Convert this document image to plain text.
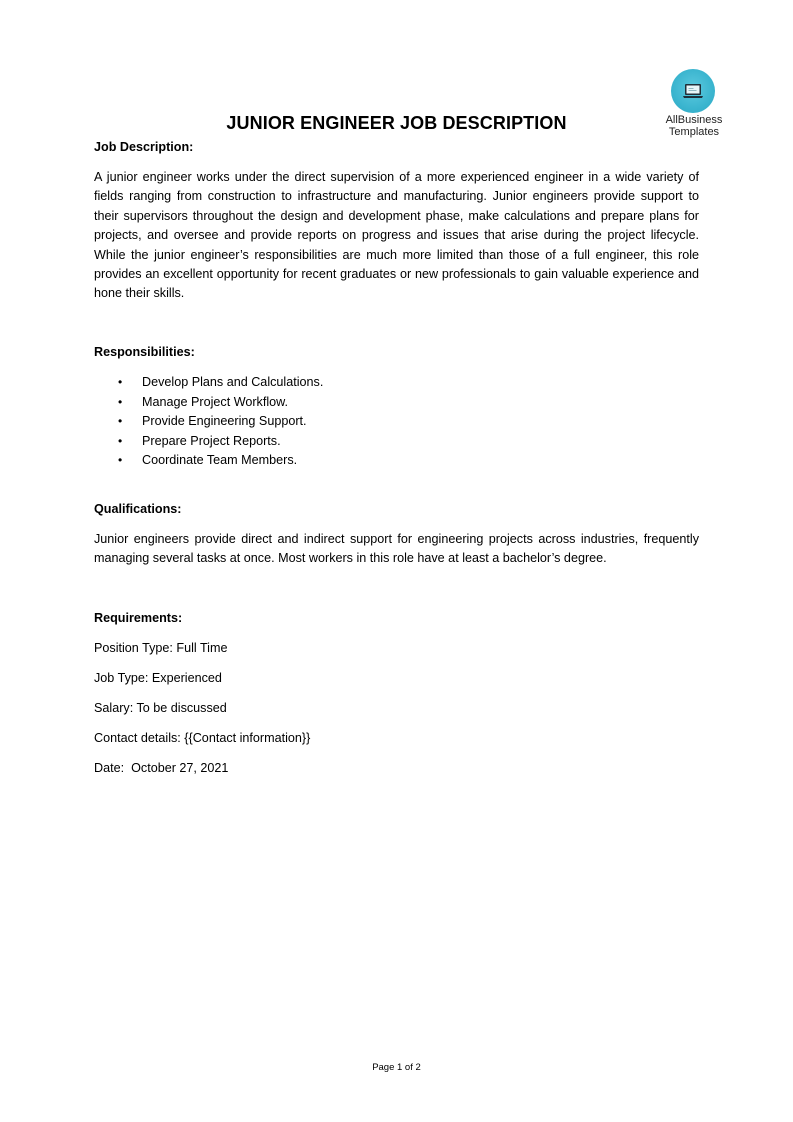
AllBusiness
Templates
JUNIOR ENGINEER JOB DESCRIPTION
Job Description:
A junior engineer works under the direct supervision of a more experienced engineer in a wide variety of fields ranging from construction to infrastructure and manufacturing. Junior engineers provide support to their supervisors throughout the design and development phase, make calculations and prepare plans for projects, and oversee and provide reports on progress and issues that arise during the project lifecycle. While the junior engineer’s responsibilities are much more limited than those of a full engineer, this role provides an excellent opportunity for recent graduates or new professionals to gain valuable experience and hone their skills.
Responsibilities:
• Develop Plans and Calculations.
• Manage Project Workflow.
• Provide Engineering Support.
• Prepare Project Reports.
• Coordinate Team Members.
Qualifications:
Junior engineers provide direct and indirect support for engineering projects across industries, frequently managing several tasks at once. Most workers in this role have at least a bachelor’s degree.
Requirements:
Position Type: Full Time
Job Type: Experienced
Salary: To be discussed
Contact details: {{Contact information}}
Date:  October 27, 2021
Page 1 of 2
